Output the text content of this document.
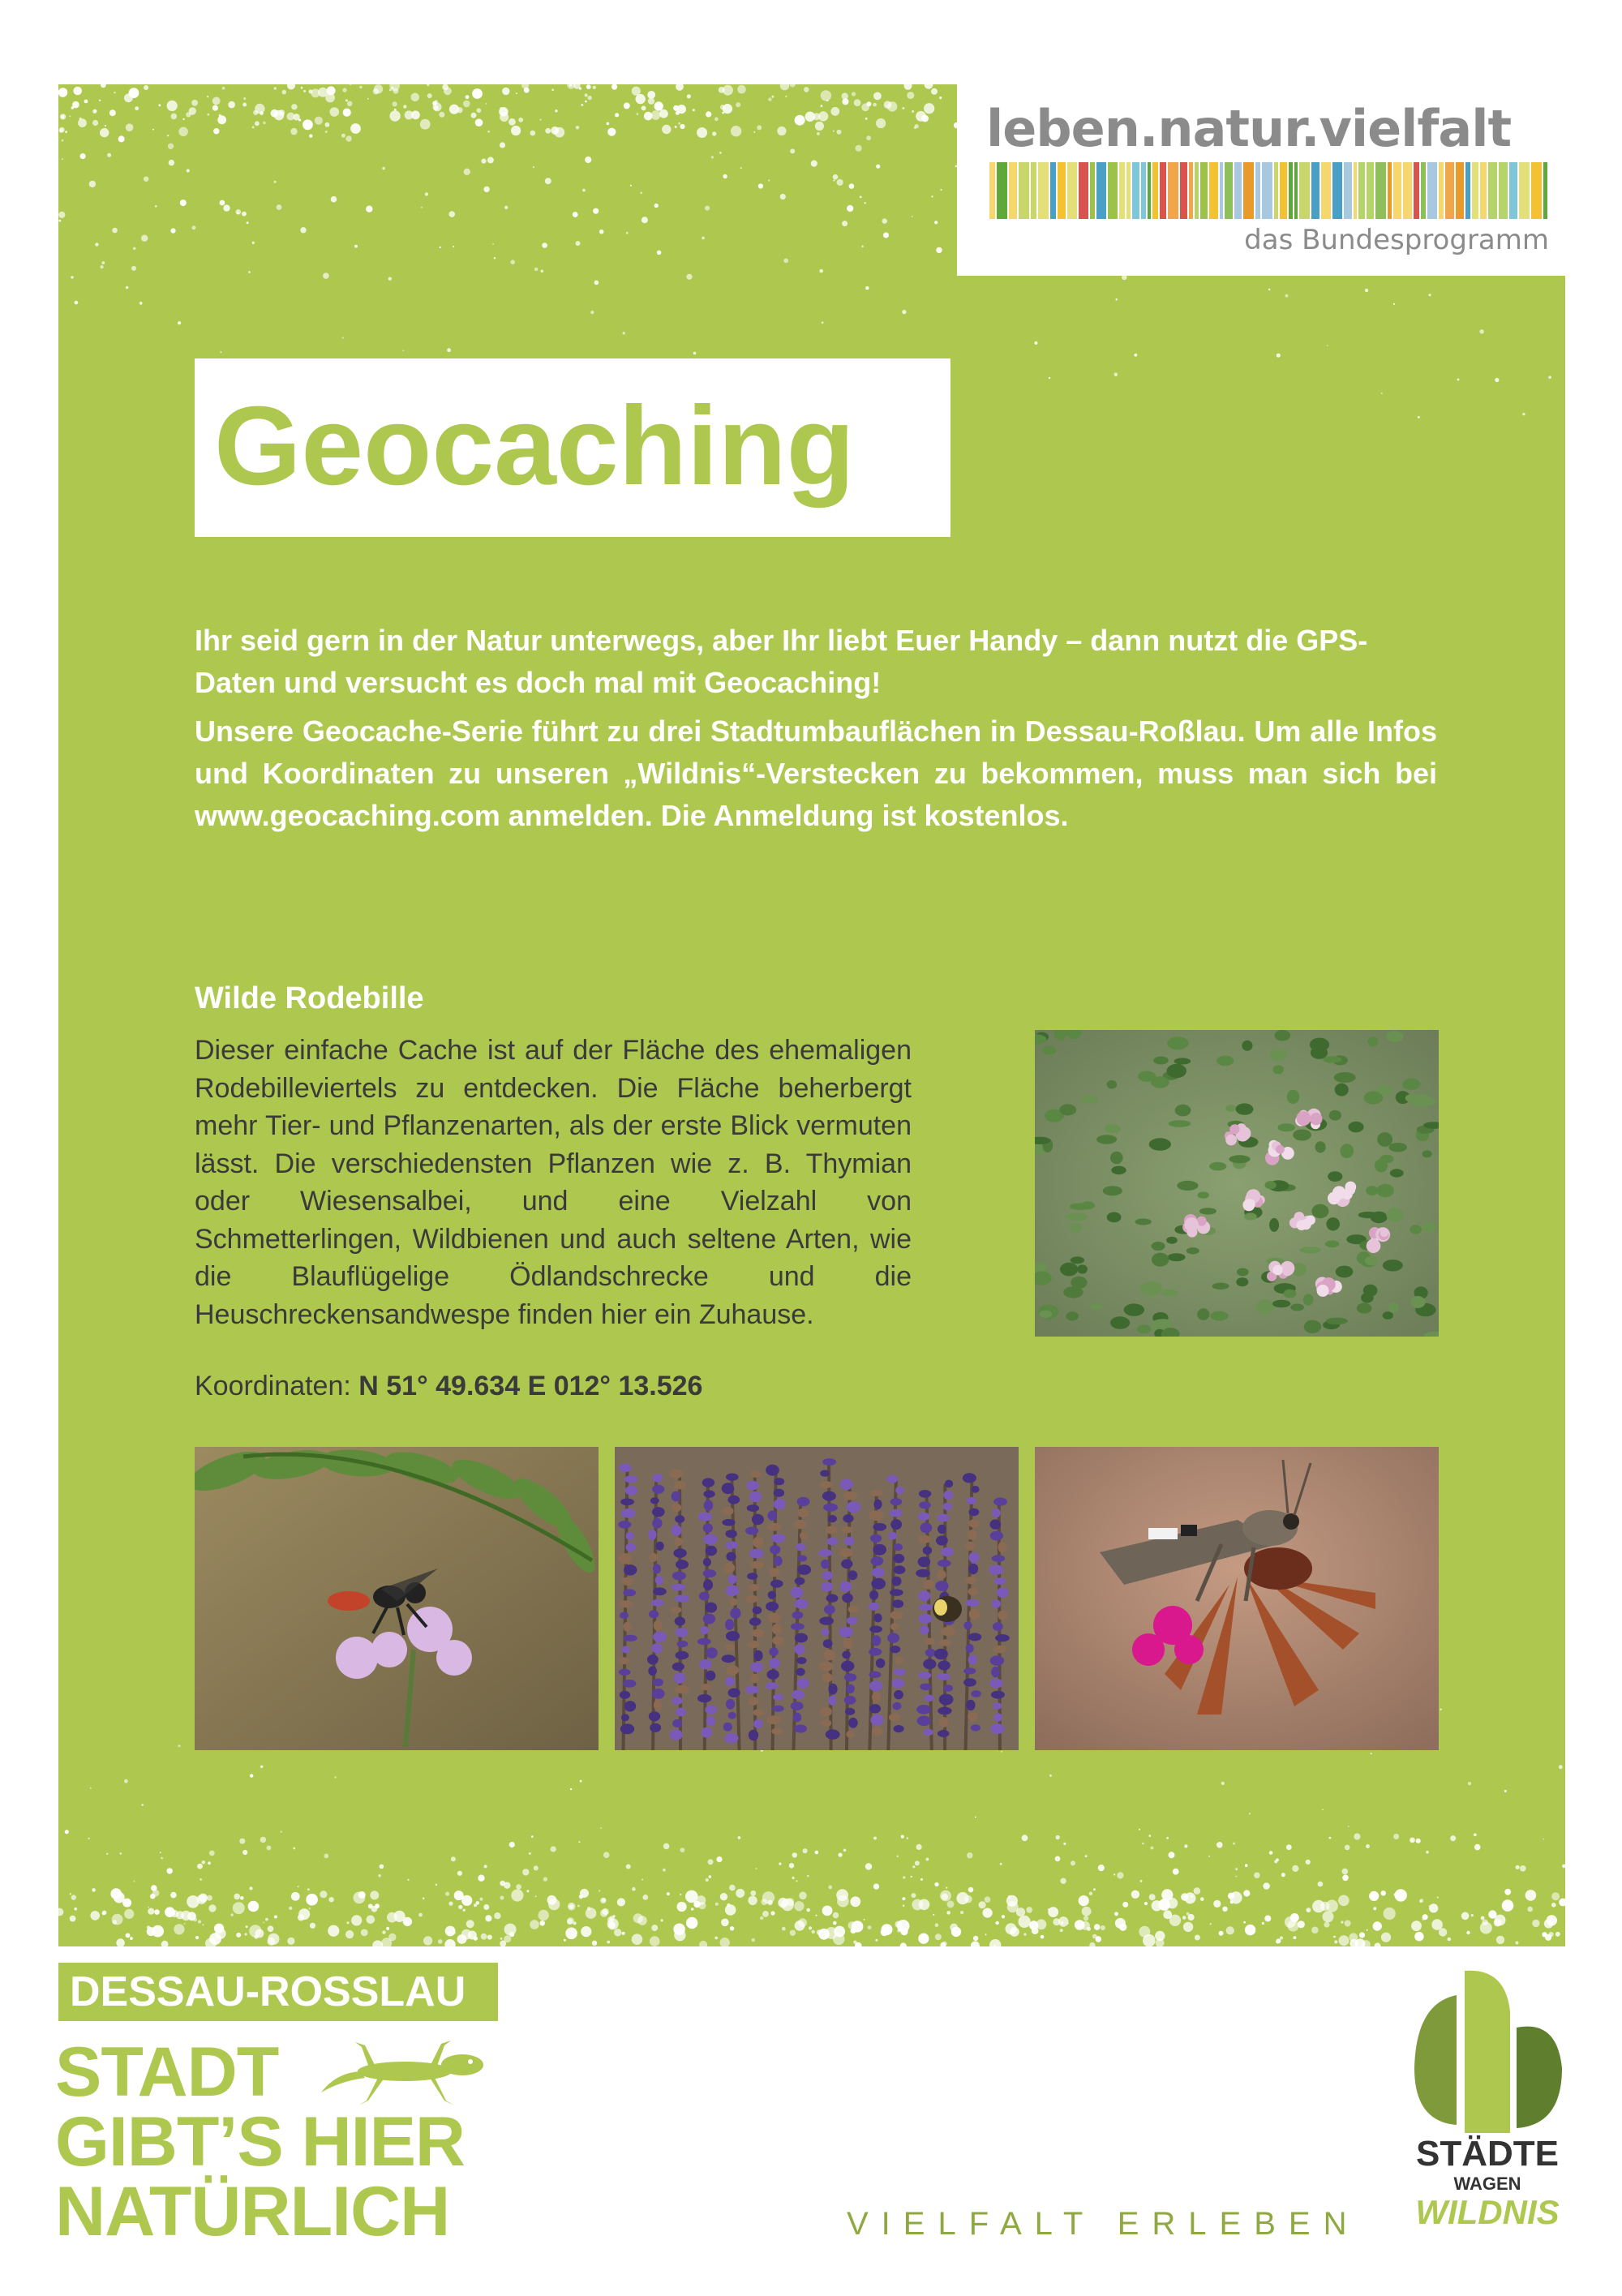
leben.natur.vielfalt
das Bundesprogramm
Geocaching

Ihr seid gern in der Natur unterwegs, aber Ihr liebt Euer Handy – dann nutzt die GPS-Daten und versucht es doch mal mit Geocaching!

Unsere Geocache-Serie führt zu drei Stadtumbauflächen in Dessau-Roßlau. Um alle Infos und Koordinaten zu unseren „Wildnis“-Verstecken zu bekommen, muss man sich bei www.geocaching.com anmelden. Die Anmeldung ist kostenlos.

Wilde Rodebille

Dieser einfache Cache ist auf der Fläche des ehemaligen Rodebilleviertels zu entdecken. Die Fläche beherbergt mehr Tier- und Pflanzenarten, als der erste Blick vermuten lässt. Die verschiedensten Pflanzen wie z. B. Thymian oder Wiesensalbei, und eine Vielzahl von Schmetterlingen, Wildbienen und auch seltene Arten, wie die Blauflügelige Ödlandschrecke und die Heuschreckensandwespe finden hier ein Zuhause.

Koordinaten: N 51° 49.634 E 012° 13.526
DESSAU-ROSSLAU
STADT
GIBT’S HIER
NATÜRLICH	VIELFALT ERLEBEN
STÄDTE
WAGEN
WILDNIS
